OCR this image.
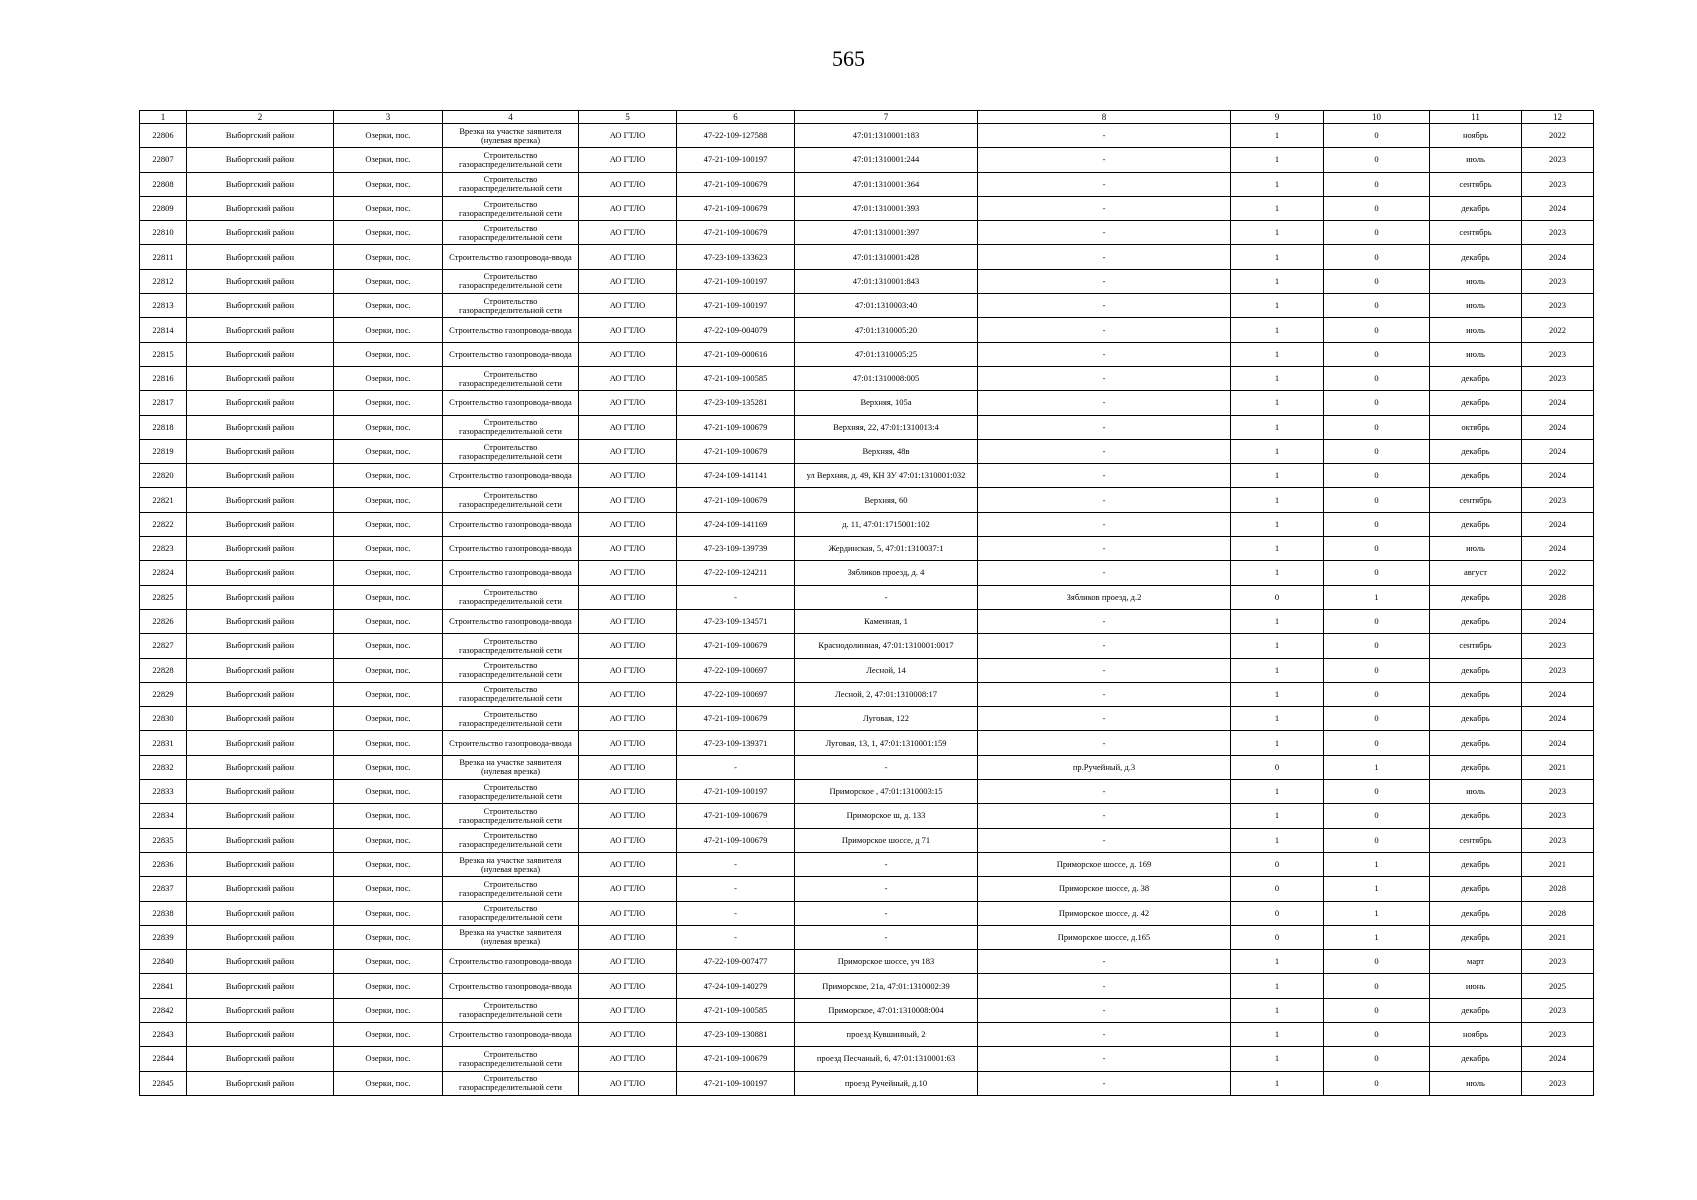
565
1	2	3	4	5	6	7	8	9	10	11	12
22806	Выборгский район	Озерки, пос.	Врезка на участке заявителя (нулевая врезка)	АО ГТЛО	47-22-109-127588	47:01:1310001:183	-	1	0	ноябрь	2022
22807	Выборгский район	Озерки, пос.	Строительство газораспределительной сети	АО ГТЛО	47-21-109-100197	47:01:1310001:244	-	1	0	июль	2023
22808	Выборгский район	Озерки, пос.	Строительство газораспределительной сети	АО ГТЛО	47-21-109-100679	47:01:1310001:364	-	1	0	сентябрь	2023
22809	Выборгский район	Озерки, пос.	Строительство газораспределительной сети	АО ГТЛО	47-21-109-100679	47:01:1310001:393	-	1	0	декабрь	2024
22810	Выборгский район	Озерки, пос.	Строительство газораспределительной сети	АО ГТЛО	47-21-109-100679	47:01:1310001:397	-	1	0	сентябрь	2023
22811	Выборгский район	Озерки, пос.	Строительство газопровода-ввода	АО ГТЛО	47-23-109-133623	47:01:1310001:428	-	1	0	декабрь	2024
22812	Выборгский район	Озерки, пос.	Строительство газораспределительной сети	АО ГТЛО	47-21-109-100197	47:01:1310001:843	-	1	0	июль	2023
22813	Выборгский район	Озерки, пос.	Строительство газораспределительной сети	АО ГТЛО	47-21-109-100197	47:01:1310003:40	-	1	0	июль	2023
22814	Выборгский район	Озерки, пос.	Строительство газопровода-ввода	АО ГТЛО	47-22-109-004079	47:01:1310005:20	-	1	0	июль	2022
22815	Выборгский район	Озерки, пос.	Строительство газопровода-ввода	АО ГТЛО	47-21-109-000616	47:01:1310005:25	-	1	0	июль	2023
22816	Выборгский район	Озерки, пос.	Строительство газораспределительной сети	АО ГТЛО	47-21-109-100585	47:01:1310008:005	-	1	0	декабрь	2023
22817	Выборгский район	Озерки, пос.	Строительство газопровода-ввода	АО ГТЛО	47-23-109-135281	Верхняя, 105а	-	1	0	декабрь	2024
22818	Выборгский район	Озерки, пос.	Строительство газораспределительной сети	АО ГТЛО	47-21-109-100679	Верхняя, 22, 47:01:1310013:4	-	1	0	октябрь	2024
22819	Выборгский район	Озерки, пос.	Строительство газораспределительной сети	АО ГТЛО	47-21-109-100679	Верхняя, 48в	-	1	0	декабрь	2024
22820	Выборгский район	Озерки, пос.	Строительство газопровода-ввода	АО ГТЛО	47-24-109-141141	ул Верхняя, д. 49, КН ЗУ 47:01:1310001:032	-	1	0	декабрь	2024
22821	Выборгский район	Озерки, пос.	Строительство газораспределительной сети	АО ГТЛО	47-21-109-100679	Верхняя, 60	-	1	0	сентябрь	2023
22822	Выборгский район	Озерки, пос.	Строительство газопровода-ввода	АО ГТЛО	47-24-109-141169	д. 11, 47:01:1715001:102	-	1	0	декабрь	2024
22823	Выборгский район	Озерки, пос.	Строительство газопровода-ввода	АО ГТЛО	47-23-109-139739	Жердинская, 5, 47:01:1310037:1	-	1	0	июль	2024
22824	Выборгский район	Озерки, пос.	Строительство газопровода-ввода	АО ГТЛО	47-22-109-124211	Зябликов проезд, д. 4	-	1	0	август	2022
22825	Выборгский район	Озерки, пос.	Строительство газораспределительной сети	АО ГТЛО	-	-	Зябликов проезд, д.2	0	1	декабрь	2028
22826	Выборгский район	Озерки, пос.	Строительство газопровода-ввода	АО ГТЛО	47-23-109-134571	Каменная, 1	-	1	0	декабрь	2024
22827	Выборгский район	Озерки, пос.	Строительство газораспределительной сети	АО ГТЛО	47-21-109-100679	Краснодолинная, 47:01:1310001:0017	-	1	0	сентябрь	2023
22828	Выборгский район	Озерки, пос.	Строительство газораспределительной сети	АО ГТЛО	47-22-109-100697	Лесной, 14	-	1	0	декабрь	2023
22829	Выборгский район	Озерки, пос.	Строительство газораспределительной сети	АО ГТЛО	47-22-109-100697	Лесной, 2, 47:01:1310008:17	-	1	0	декабрь	2024
22830	Выборгский район	Озерки, пос.	Строительство газораспределительной сети	АО ГТЛО	47-21-109-100679	Луговая, 122	-	1	0	декабрь	2024
22831	Выборгский район	Озерки, пос.	Строительство газопровода-ввода	АО ГТЛО	47-23-109-139371	Луговая, 13, 1, 47:01:1310001:159	-	1	0	декабрь	2024
22832	Выборгский район	Озерки, пос.	Врезка на участке заявителя (нулевая врезка)	АО ГТЛО	-	-	пр.Ручейный, д.3	0	1	декабрь	2021
22833	Выборгский район	Озерки, пос.	Строительство газораспределительной сети	АО ГТЛО	47-21-109-100197	Приморское , 47:01:1310003:15	-	1	0	июль	2023
22834	Выборгский район	Озерки, пос.	Строительство газораспределительной сети	АО ГТЛО	47-21-109-100679	Приморское ш, д. 133	-	1	0	декабрь	2023
22835	Выборгский район	Озерки, пос.	Строительство газораспределительной сети	АО ГТЛО	47-21-109-100679	Приморское шоссе, д 71	-	1	0	сентябрь	2023
22836	Выборгский район	Озерки, пос.	Врезка на участке заявителя (нулевая врезка)	АО ГТЛО	-	-	Приморское шоссе, д. 169	0	1	декабрь	2021
22837	Выборгский район	Озерки, пос.	Строительство газораспределительной сети	АО ГТЛО	-	-	Приморское шоссе, д. 38	0	1	декабрь	2028
22838	Выборгский район	Озерки, пос.	Строительство газораспределительной сети	АО ГТЛО	-	-	Приморское шоссе, д. 42	0	1	декабрь	2028
22839	Выборгский район	Озерки, пос.	Врезка на участке заявителя (нулевая врезка)	АО ГТЛО	-	-	Приморское шоссе, д.165	0	1	декабрь	2021
22840	Выборгский район	Озерки, пос.	Строительство газопровода-ввода	АО ГТЛО	47-22-109-007477	Приморское шоссе, уч 183	-	1	0	март	2023
22841	Выборгский район	Озерки, пос.	Строительство газопровода-ввода	АО ГТЛО	47-24-109-140279	Приморское, 21а, 47:01:1310002:39	-	1	0	июнь	2025
22842	Выборгский район	Озерки, пос.	Строительство газораспределительной сети	АО ГТЛО	47-21-109-100585	Приморское, 47:01:1310008:004	-	1	0	декабрь	2023
22843	Выборгский район	Озерки, пос.	Строительство газопровода-ввода	АО ГТЛО	47-23-109-130881	проезд Кувшинный, 2	-	1	0	ноябрь	2023
22844	Выборгский район	Озерки, пос.	Строительство газораспределительной сети	АО ГТЛО	47-21-109-100679	проезд Песчаный, 6, 47:01:1310001:63	-	1	0	декабрь	2024
22845	Выборгский район	Озерки, пос.	Строительство газораспределительной сети	АО ГТЛО	47-21-109-100197	проезд Ручейный, д.10	-	1	0	июль	2023
